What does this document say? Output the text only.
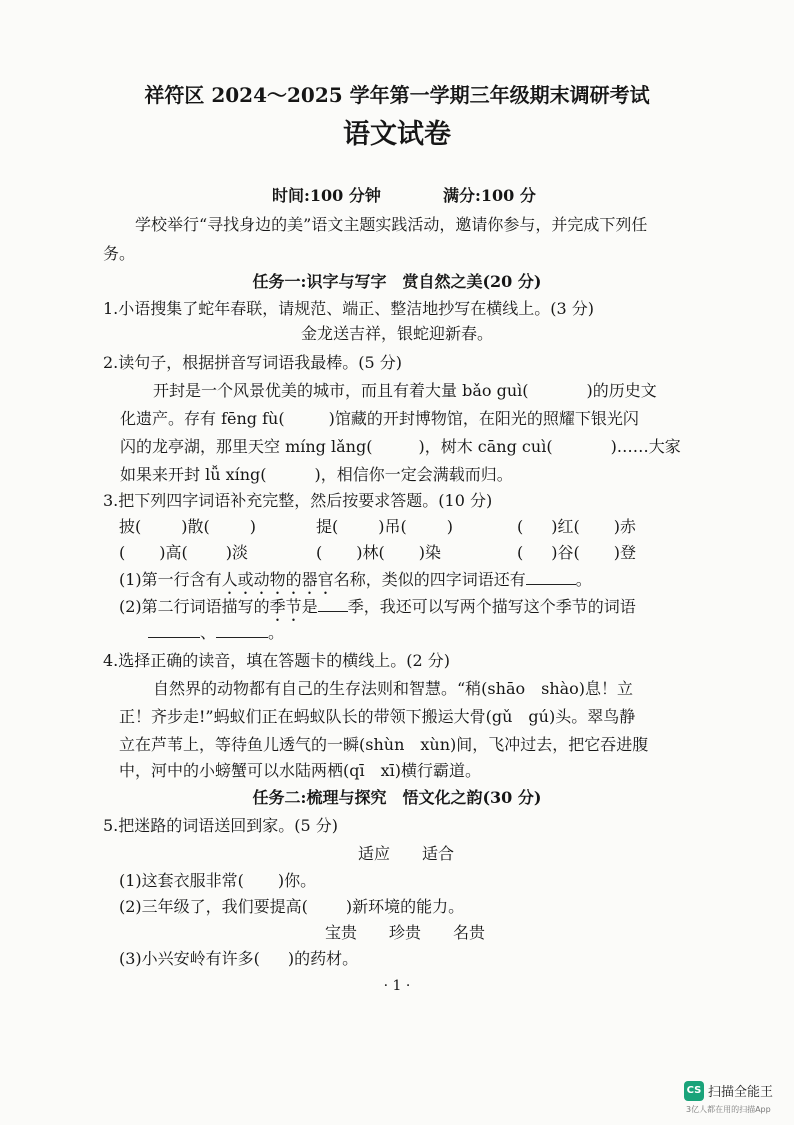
祥符区 2024～2025 学年第一学期三年级期末调研考试
语文试卷
时间:100 分钟	满分:100 分
学校举行“寻找身边的美”语文主题实践活动，邀请你参与，并完成下列任
务。
任务一:识字与写字　赏自然之美(20 分)
1.小语搜集了蛇年春联，请规范、端正、整洁地抄写在横线上。(3 分)
金龙送吉祥，银蛇迎新春。
2.读句子，根据拼音写词语我最棒。(5 分)
开封是一个风景优美的城市，而且有着大量 bǎo guì(	)的历史文
化遗产。存有 fēng fù(	)馆藏的开封博物馆，在阳光的照耀下银光闪
闪的龙亭湖，那里天空 míng lǎng(	)，树木 cāng cuì(	)……大家
如果来开封 lǚ xíng(	)，相信你一定会满载而归。
3.把下列四字词语补充完整，然后按要求答题。(10 分)
披(	)散(	)	提(	)吊(	)	( )红( )赤
( )高( )淡	( )林( )染	( )谷( )登
(1)第一行含有人或动物的器官名称，类似的四字词语还有	。
(2)第二行词语描写的季节是 季，我还可以写两个描写这个季节的词语
、	。
4.选择正确的读音，填在答题卡的横线上。(2 分)
自然界的动物都有自己的生存法则和智慧。“稍(shāo　shào)息！立
正！齐步走!”蚂蚁们正在蚂蚁队长的带领下搬运大骨(gǔ　gú)头。翠鸟静
立在芦苇上，等待鱼儿透气的一瞬(shùn　xùn)间，飞冲过去，把它吞进腹
中，河中的小螃蟹可以水陆两栖(qī　xī)横行霸道。
任务二:梳理与探究　悟文化之韵(30 分)
5.把迷路的词语送回到家。(5 分)
适应　　适合
(1)这套衣服非常( )你。
(2)三年级了，我们要提高( )新环境的能力。
宝贵　　珍贵　　名贵
(3)小兴安岭有许多( )的药材。
· 1 ·
CS 扫描全能王
3亿人都在用的扫描App
